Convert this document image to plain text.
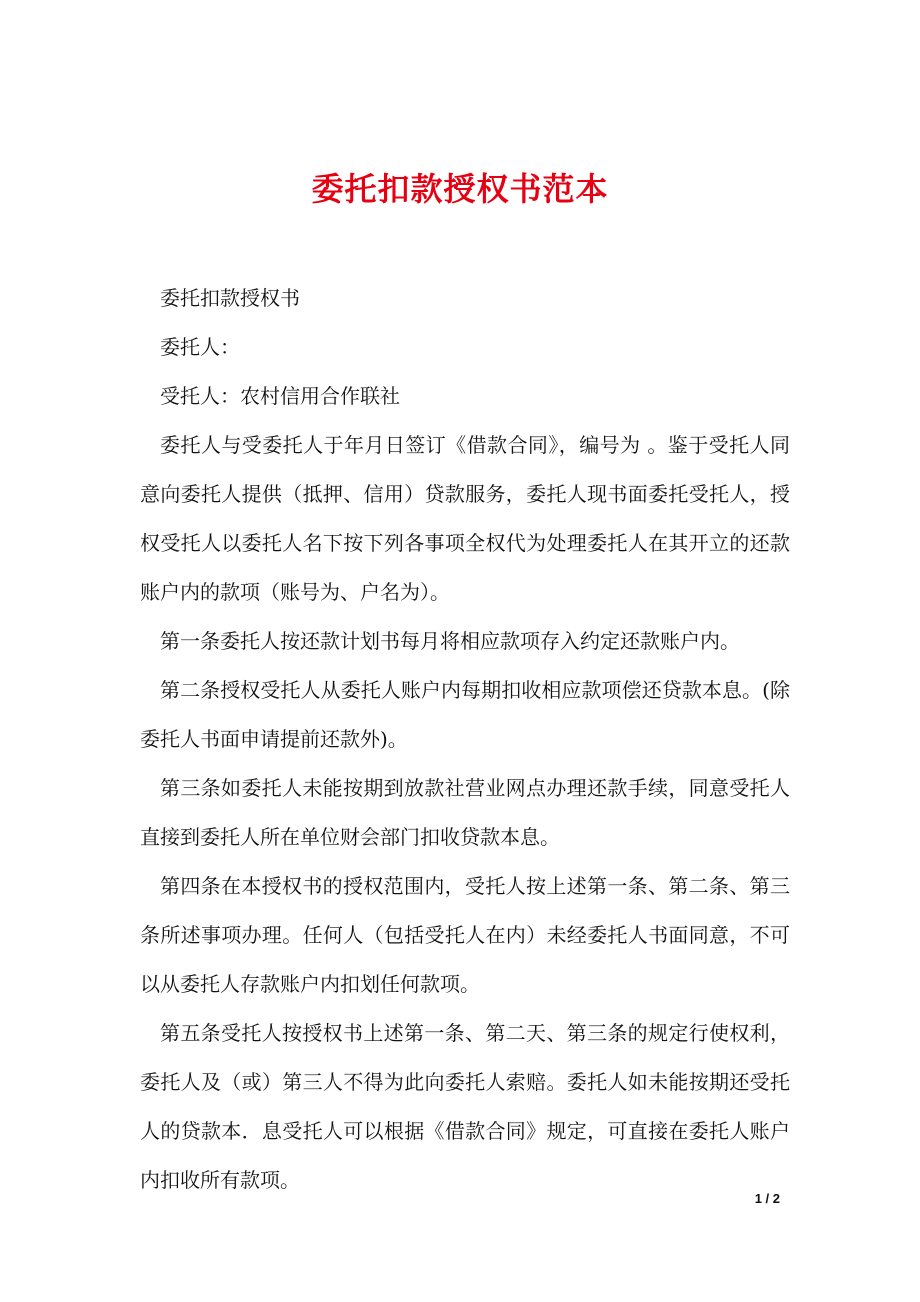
委托扣款授权书范本

委托扣款授权书

委托人：

受托人：农村信用合作联社

委托人与受委托人于年月日签订《借款合同》，编号为 。鉴于受托人同意向委托人提供（抵押、信用）贷款服务，委托人现书面委托受托人，授权受托人以委托人名下按下列各事项全权代为处理委托人在其开立的还款账户内的款项（账号为、户名为）。

第一条委托人按还款计划书每月将相应款项存入约定还款账户内。

第二条授权受托人从委托人账户内每期扣收相应款项偿还贷款本息。(除委托人书面申请提前还款外)。

第三条如委托人未能按期到放款社营业网点办理还款手续，同意受托人直接到委托人所在单位财会部门扣收贷款本息。

第四条在本授权书的授权范围内，受托人按上述第一条、第二条、第三条所述事项办理。任何人（包括受托人在内）未经委托人书面同意，不可以从委托人存款账户内扣划任何款项。

第五条受托人按授权书上述第一条、第二天、第三条的规定行使权利，委托人及（或）第三人不得为此向委托人索赔。委托人如未能按期还受托人的贷款本．息受托人可以根据《借款合同》规定，可直接在委托人账户内扣收所有款项。

1 / 2
